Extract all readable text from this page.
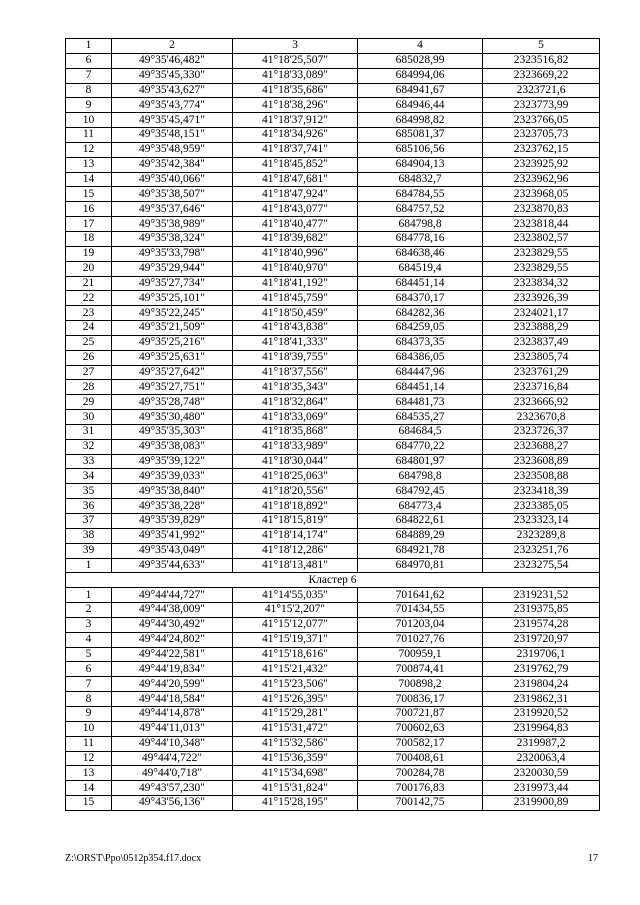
1	2	3	4	5
6	49°35'46,482"	41°18'25,507"	685028,99	2323516,82
7	49°35'45,330"	41°18'33,089"	684994,06	2323669,22
8	49°35'43,627"	41°18'35,686"	684941,67	2323721,6
9	49°35'43,774"	41°18'38,296"	684946,44	2323773,99
10	49°35'45,471"	41°18'37,912"	684998,82	2323766,05
11	49°35'48,151"	41°18'34,926"	685081,37	2323705,73
12	49°35'48,959"	41°18'37,741"	685106,56	2323762,15
13	49°35'42,384"	41°18'45,852"	684904,13	2323925,92
14	49°35'40,066"	41°18'47,681"	684832,7	2323962,96
15	49°35'38,507"	41°18'47,924"	684784,55	2323968,05
16	49°35'37,646"	41°18'43,077"	684757,52	2323870,83
17	49°35'38,989"	41°18'40,477"	684798,8	2323818,44
18	49°35'38,324"	41°18'39,682"	684778,16	2323802,57
19	49°35'33,798"	41°18'40,996"	684638,46	2323829,55
20	49°35'29,944"	41°18'40,970"	684519,4	2323829,55
21	49°35'27,734"	41°18'41,192"	684451,14	2323834,32
22	49°35'25,101"	41°18'45,759"	684370,17	2323926,39
23	49°35'22,245"	41°18'50,459"	684282,36	2324021,17
24	49°35'21,509"	41°18'43,838"	684259,05	2323888,29
25	49°35'25,216"	41°18'41,333"	684373,35	2323837,49
26	49°35'25,631"	41°18'39,755"	684386,05	2323805,74
27	49°35'27,642"	41°18'37,556"	684447,96	2323761,29
28	49°35'27,751"	41°18'35,343"	684451,14	2323716,84
29	49°35'28,748"	41°18'32,864"	684481,73	2323666,92
30	49°35'30,480"	41°18'33,069"	684535,27	2323670,8
31	49°35'35,303"	41°18'35,868"	684684,5	2323726,37
32	49°35'38,083"	41°18'33,989"	684770,22	2323688,27
33	49°35'39,122"	41°18'30,044"	684801,97	2323608,89
34	49°35'39,033"	41°18'25,063"	684798,8	2323508,88
35	49°35'38,840"	41°18'20,556"	684792,45	2323418,39
36	49°35'38,228"	41°18'18,892"	684773,4	2323385,05
37	49°35'39,829"	41°18'15,819"	684822,61	2323323,14
38	49°35'41,992"	41°18'14,174"	684889,29	2323289,8
39	49°35'43,049"	41°18'12,286"	684921,78	2323251,76
1	49°35'44,633"	41°18'13,481"	684970,81	2323275,54
Кластер 6				
1	49°44'44,727"	41°14'55,035"	701641,62	2319231,52
2	49°44'38,009"	41°15'2,207"	701434,55	2319375,85
3	49°44'30,492"	41°15'12,077"	701203,04	2319574,28
4	49°44'24,802"	41°15'19,371"	701027,76	2319720,97
5	49°44'22,581"	41°15'18,616"	700959,1	2319706,1
6	49°44'19,834"	41°15'21,432"	700874,41	2319762,79
7	49°44'20,599"	41°15'23,506"	700898,2	2319804,24
8	49°44'18,584"	41°15'26,395"	700836,17	2319862,31
9	49°44'14,878"	41°15'29,281"	700721,87	2319920,52
10	49°44'11,013"	41°15'31,472"	700602,63	2319964,83
11	49°44'10,348"	41°15'32,586"	700582,17	2319987,2
12	49°44'4,722"	41°15'36,359"	700408,61	2320063,4
13	49°44'0,718"	41°15'34,698"	700284,78	2320030,59
14	49°43'57,230"	41°15'31,824"	700176,83	2319973,44
15	49°43'56,136"	41°15'28,195"	700142,75	2319900,89
Z:\ORST\Ppo\0512p354.f17.docx	17
